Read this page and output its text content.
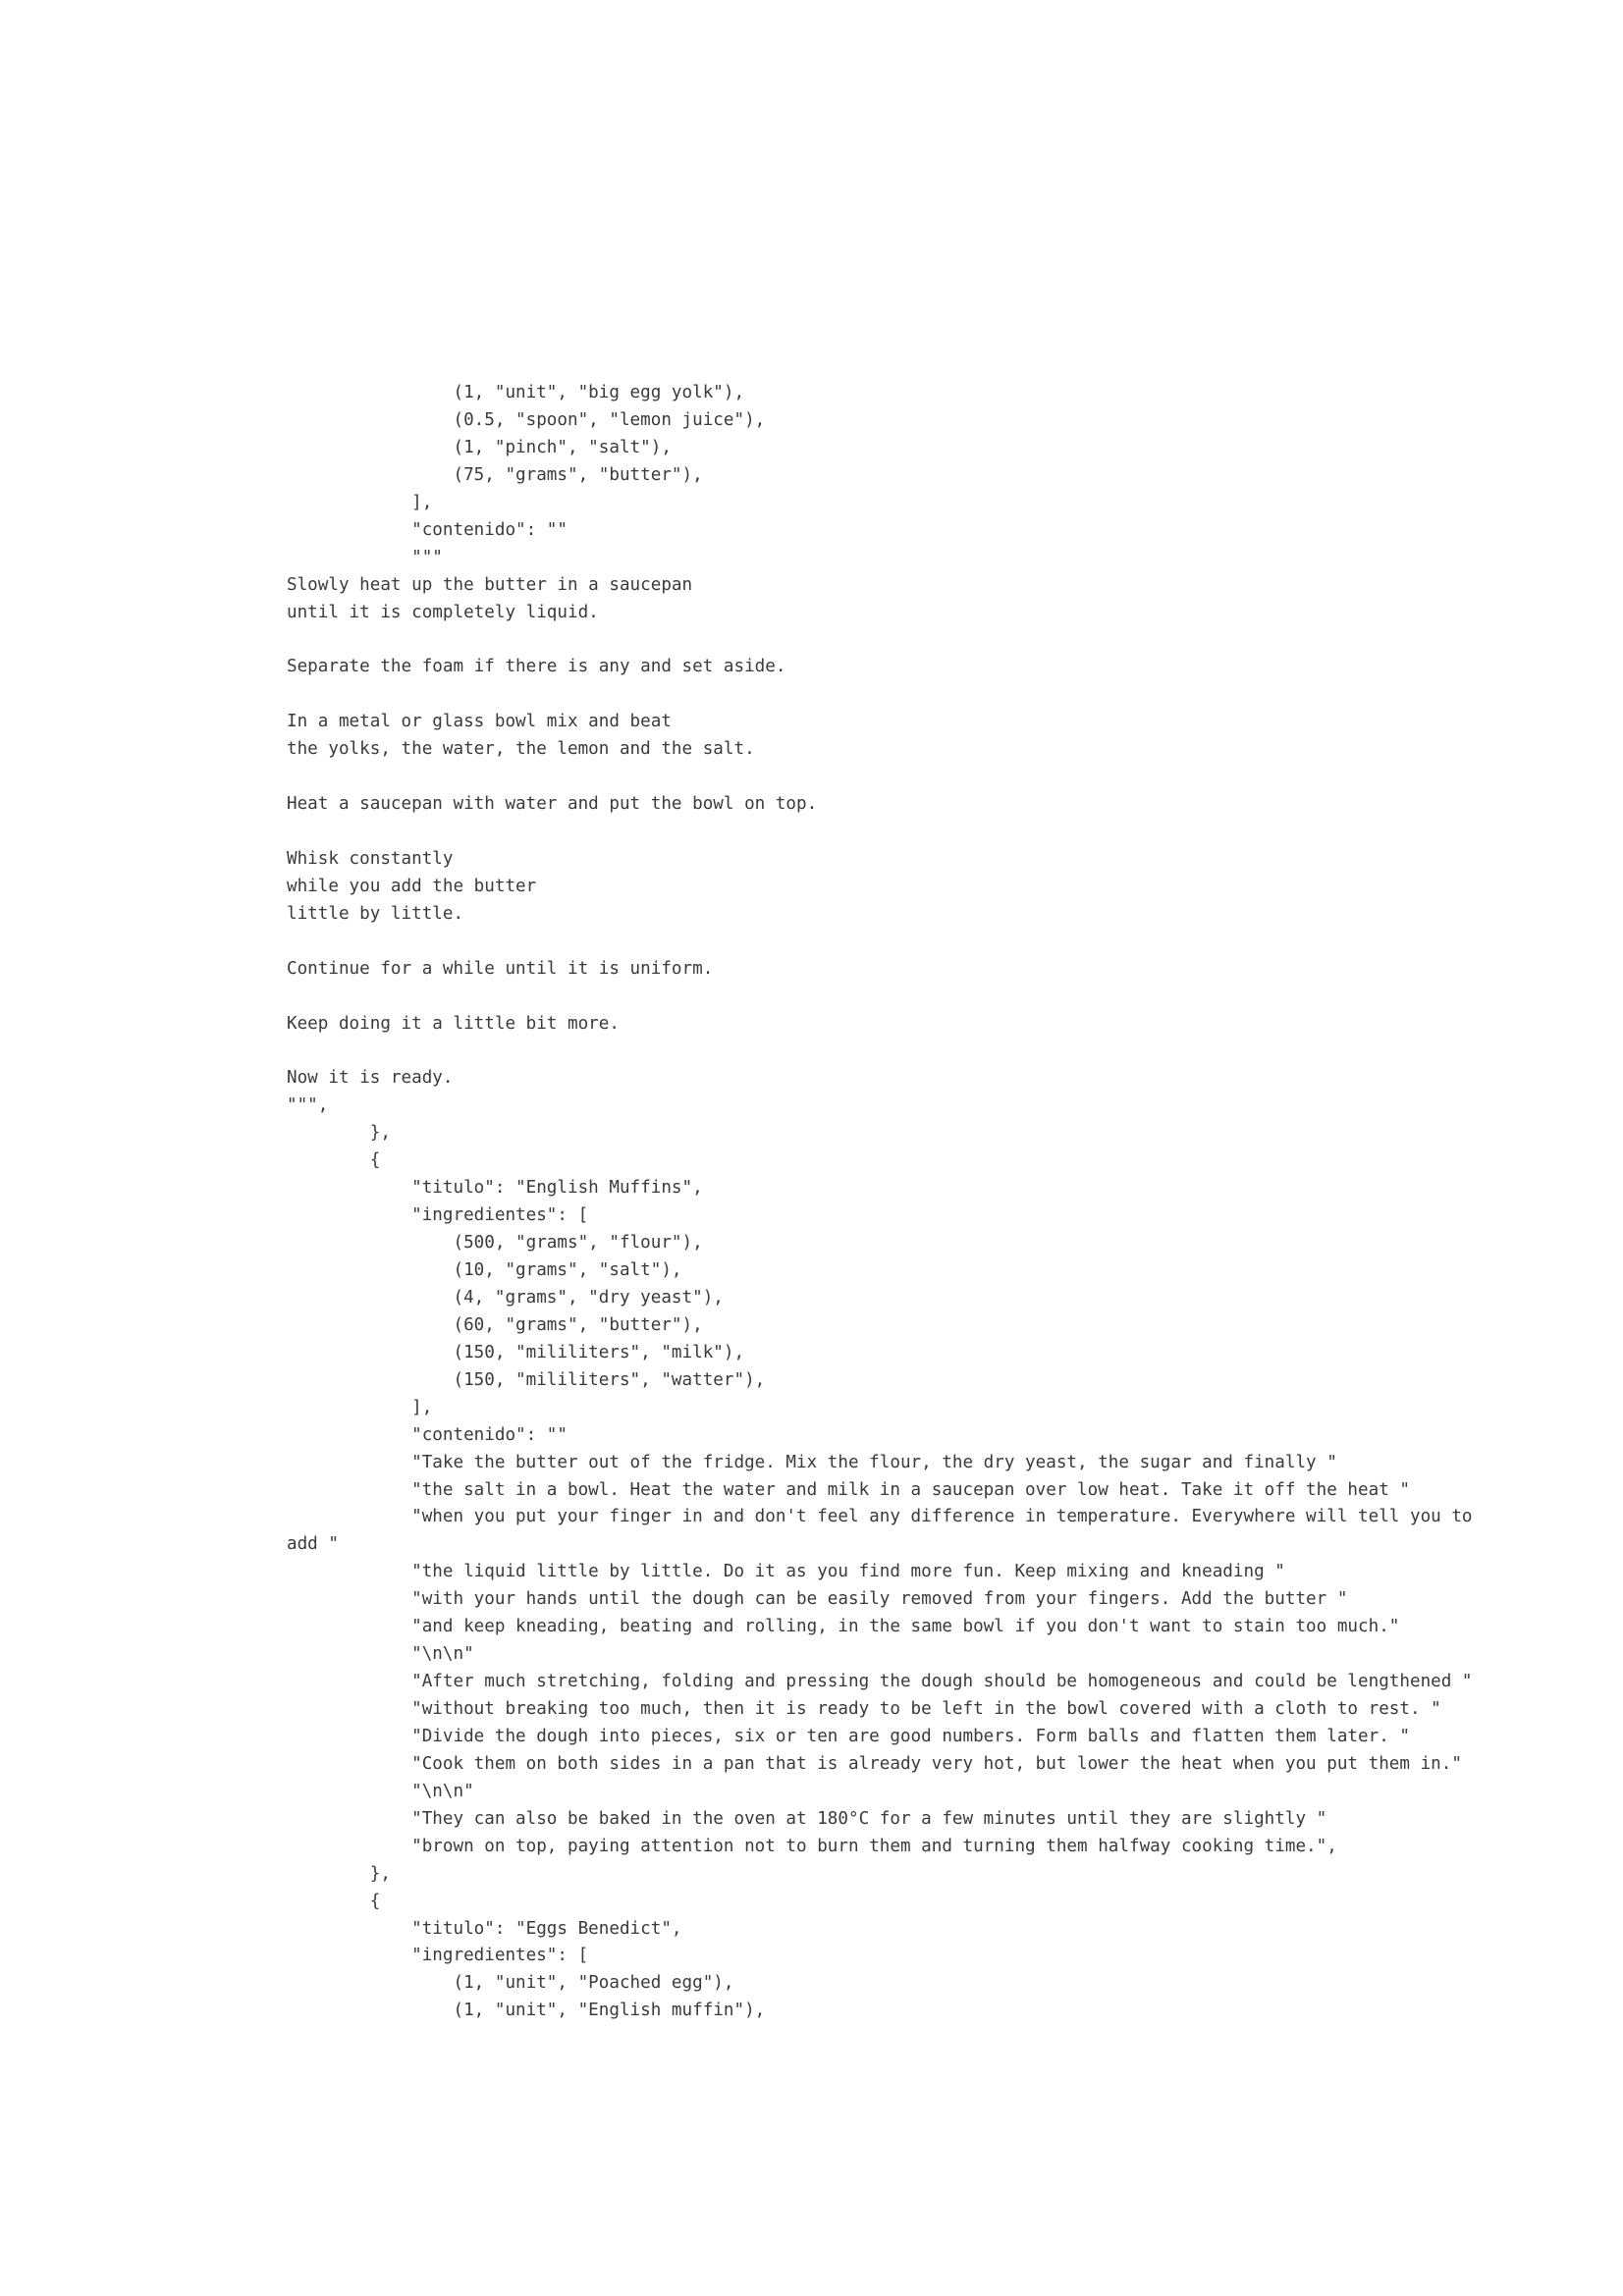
(1, "unit", "big egg yolk"),
(0.5, "spoon", "lemon juice"),
(1, "pinch", "salt"),
(75, "grams", "butter"),
],
"contenido": ""
"""
Slowly heat up the butter in a saucepan
until it is completely liquid.
Separate the foam if there is any and set aside.
In a metal or glass bowl mix and beat
the yolks, the water, the lemon and the salt.
Heat a saucepan with water and put the bowl on top.
Whisk constantly
while you add the butter
little by little.
Continue for a while until it is uniform.
Keep doing it a little bit more.
Now it is ready.
""",
},
{
"titulo": "English Muffins",
"ingredientes": [
(500, "grams", "flour"),
(10, "grams", "salt"),
(4, "grams", "dry yeast"),
(60, "grams", "butter"),
(150, "mililiters", "milk"),
(150, "mililiters", "watter"),
],
"contenido": ""
"Take the butter out of the fridge. Mix the flour, the dry yeast, the sugar and finally "
"the salt in a bowl. Heat the water and milk in a saucepan over low heat. Take it off the heat "
"when you put your finger in and don't feel any difference in temperature. Everywhere will tell you to
add "
"the liquid little by little. Do it as you find more fun. Keep mixing and kneading "
"with your hands until the dough can be easily removed from your fingers. Add the butter "
"and keep kneading, beating and rolling, in the same bowl if you don't want to stain too much."
"\n\n"
"After much stretching, folding and pressing the dough should be homogeneous and could be lengthened "
"without breaking too much, then it is ready to be left in the bowl covered with a cloth to rest. "
"Divide the dough into pieces, six or ten are good numbers. Form balls and flatten them later. "
"Cook them on both sides in a pan that is already very hot, but lower the heat when you put them in."
"\n\n"
"They can also be baked in the oven at 180°C for a few minutes until they are slightly "
"brown on top, paying attention not to burn them and turning them halfway cooking time.",
},
{
"titulo": "Eggs Benedict",
"ingredientes": [
(1, "unit", "Poached egg"),
(1, "unit", "English muffin"),
